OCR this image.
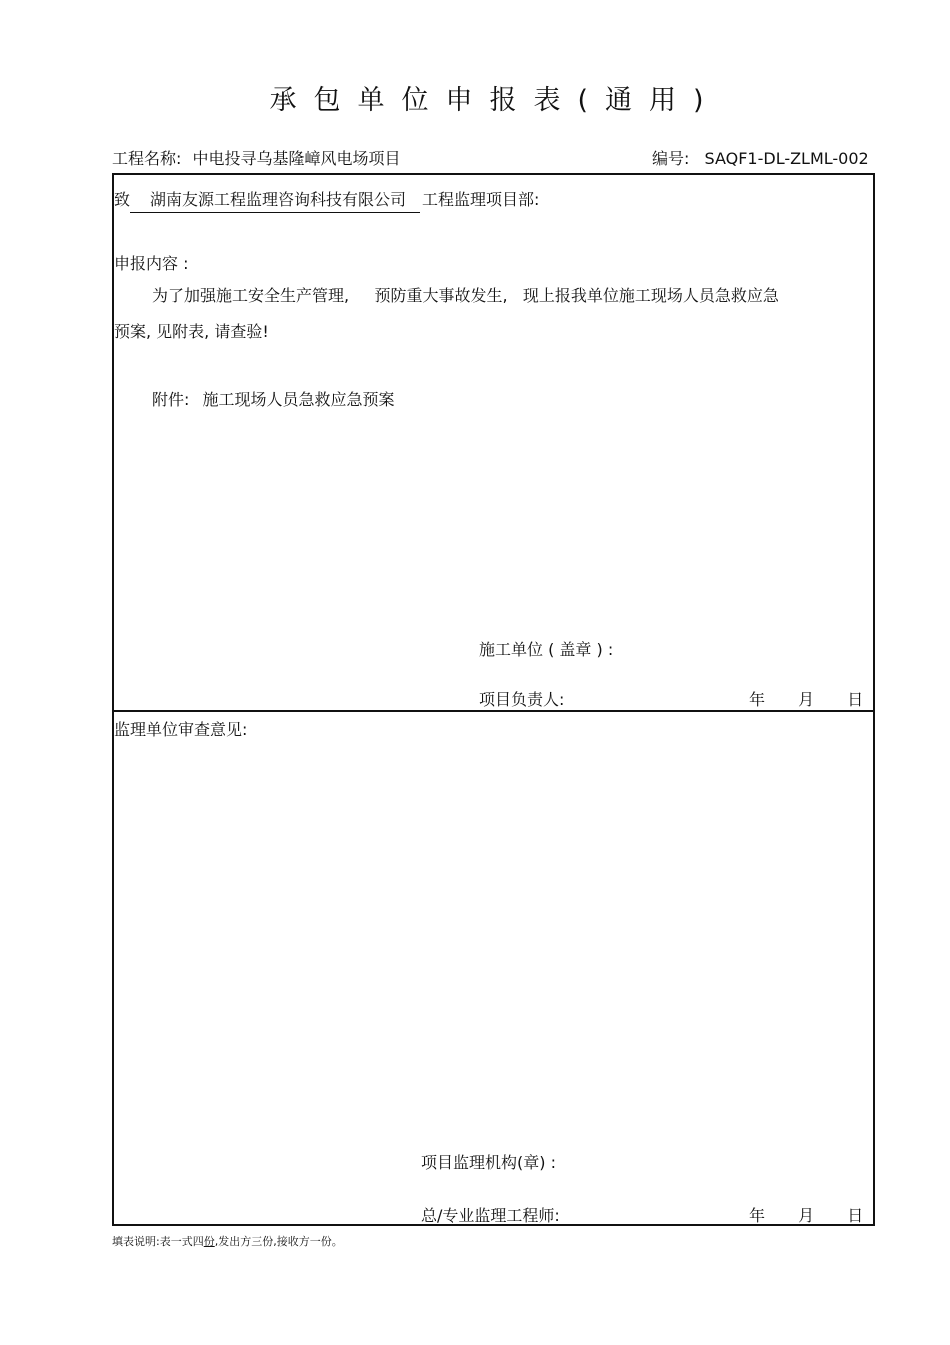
承包单位申报表(通用)
工程名称: 中电投寻乌基隆嶂风电场项目	编号: SAQF1-DL-ZLML-002
致 湖南友源工程监理咨询科技有限公司 工程监理项目部:
申报内容 :
为了加强施工安全生产管理,     预防重大事故发生,   现上报我单位施工现场人员急救应急
预案, 见附表, 请查验!
附件: 施工现场人员急救应急预案
施工单位 ( 盖章 ) :
项目负责人:	年 月 日
监理单位审查意见:
项目监理机构(章) :
总/专业监理工程师:	年 月 日
填表说明:表一式四份,发出方三份,接收方一份。
